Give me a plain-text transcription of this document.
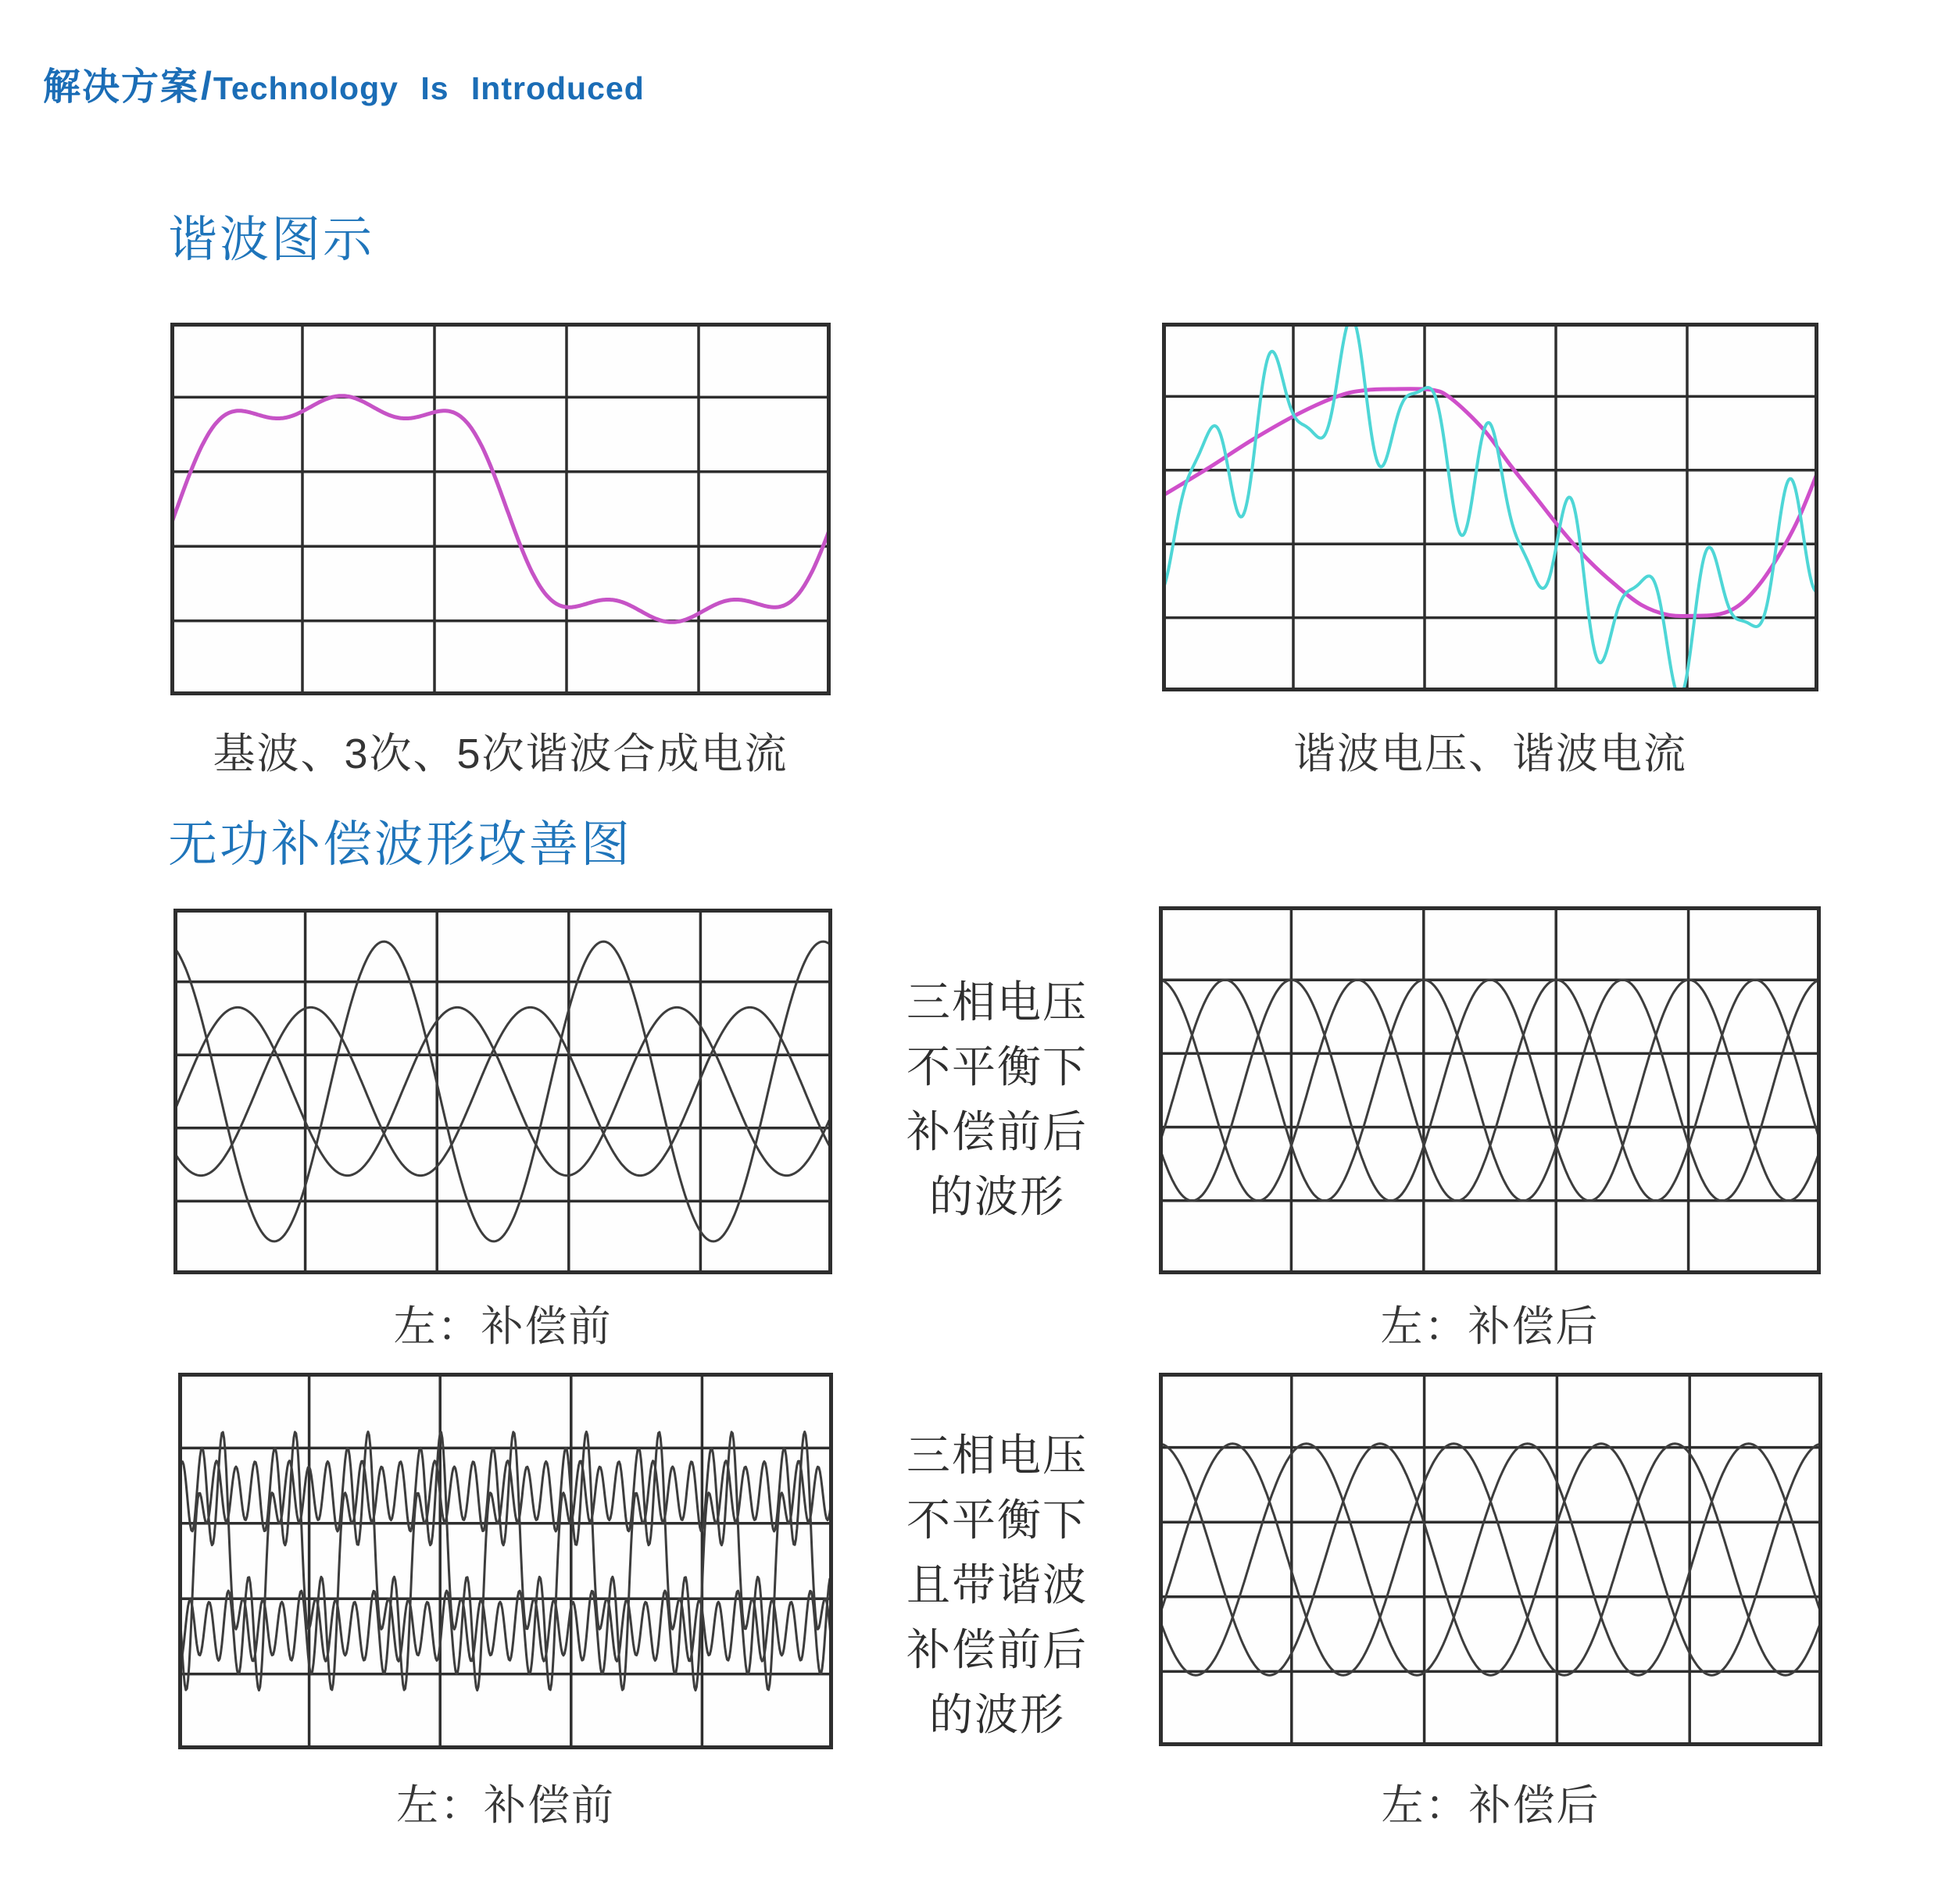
解决方案 / Technology Is Introduced
谐波图示
无功补偿波形改善图
基波、3次、5次谐波合成电流	谐波电压、谐波电流
三相电压
不平衡下
补偿前后
的波形
左：补偿前	左：补偿后
三相电压
不平衡下
且带谐波
补偿前后
的波形
左：补偿前	左：补偿后
